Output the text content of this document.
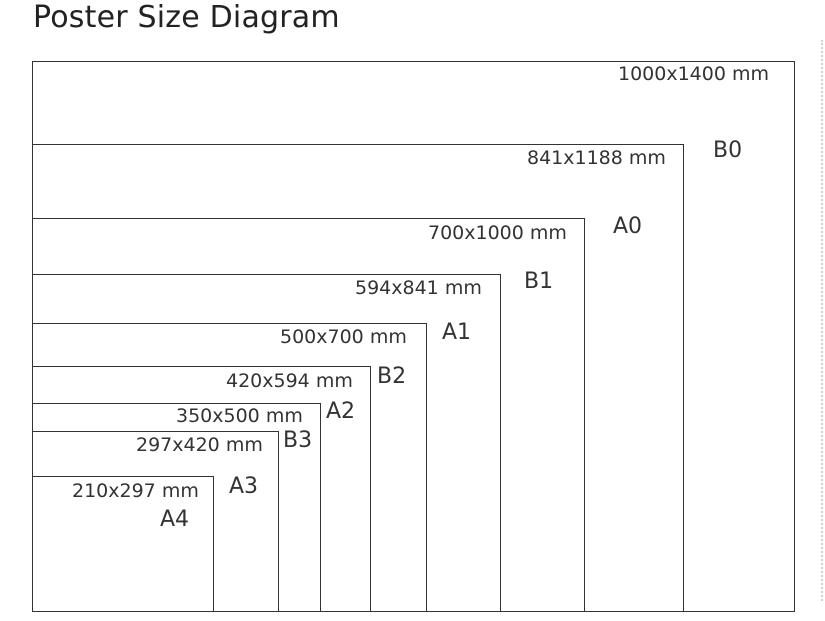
Poster Size Diagram
1000x1400 mm
841x1188 mm
700x1000 mm
594x841 mm
500x700 mm
420x594 mm
350x500 mm
297x420 mm
210x297 mm
B0
A0
B1
A1
B2
A2
B3
A3
A4
